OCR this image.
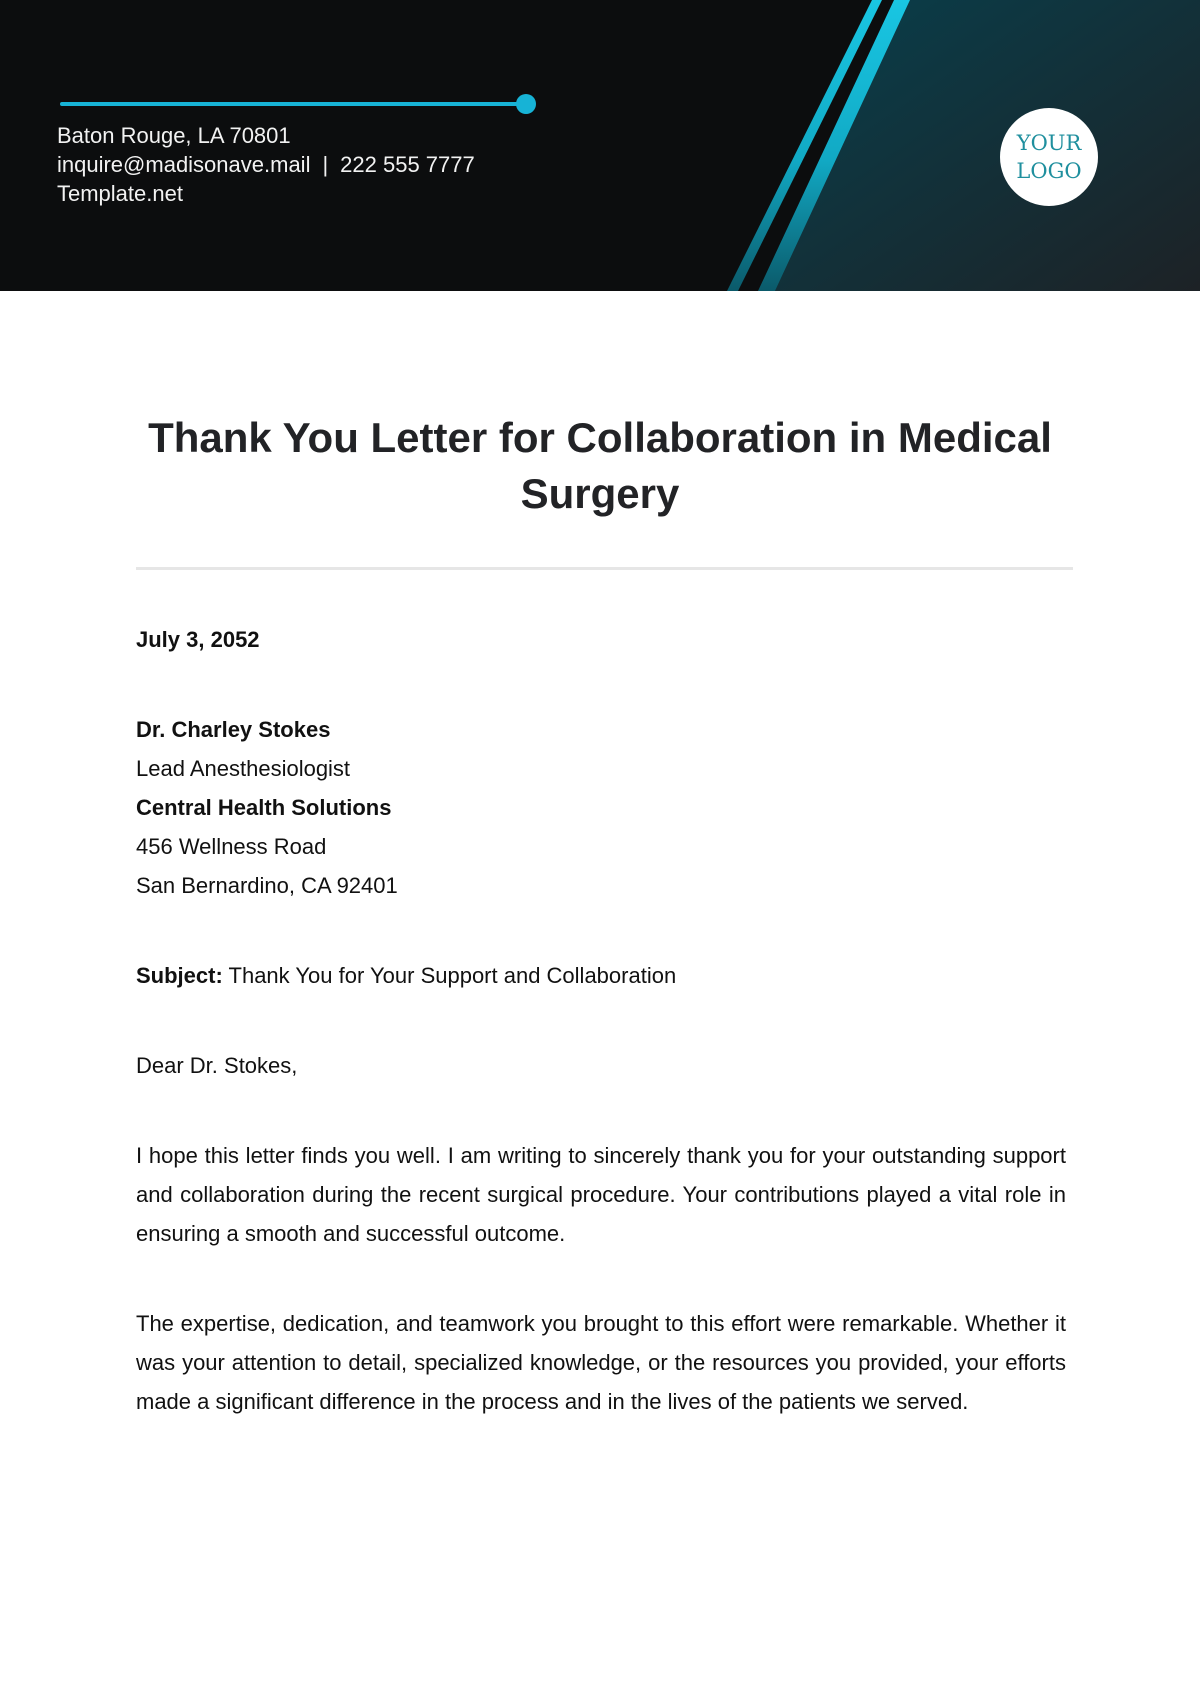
Baton Rouge, LA 70801
inquire@madisonave.mail | 222 555 7777
Template.net
YOUR
LOGO
Thank You Letter for Collaboration in Medical Surgery

July 3, 2052

Dr. Charley Stokes

Lead Anesthesiologist

Central Health Solutions

456 Wellness Road

San Bernardino, CA 92401

Subject: Thank You for Your Support and Collaboration

Dear Dr. Stokes,

I hope this letter finds you well. I am writing to sincerely thank you for your outstanding support and collaboration during the recent surgical procedure. Your contributions played a vital role in ensuring a smooth and successful outcome.

The expertise, dedication, and teamwork you brought to this effort were remarkable. Whether it was your attention to detail, specialized knowledge, or the resources you provided, your efforts made a significant difference in the process and in the lives of the patients we served.
